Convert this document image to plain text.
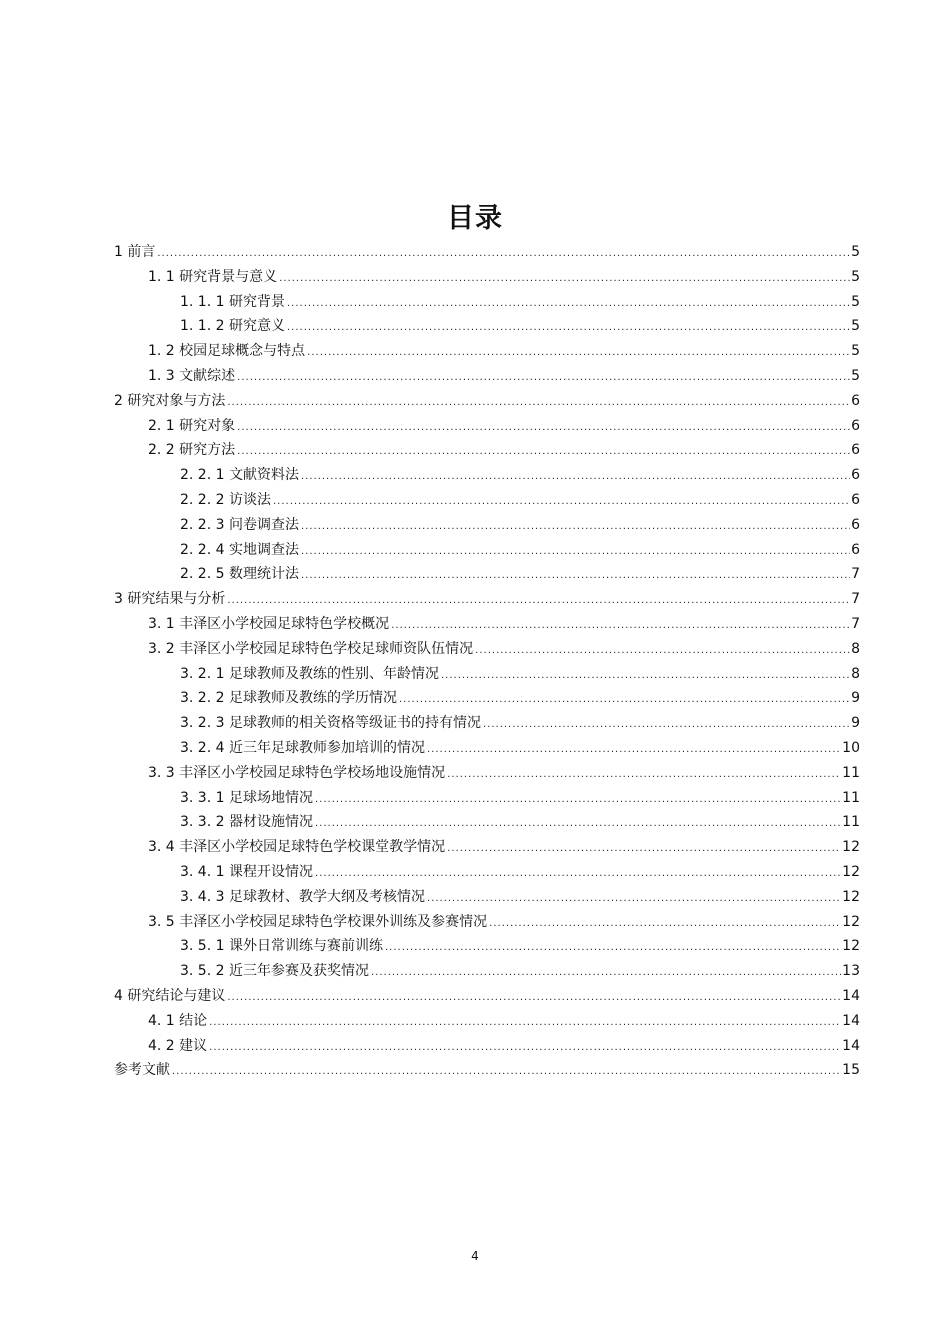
目录
1 前言 .....	5
1. 1 研究背景与意义 .....	5
1. 1. 1 研究背景 .....	5
1. 1. 2 研究意义 .....	5
1. 2 校园足球概念与特点 .....	5
1. 3 文献综述 .....	5
2 研究对象与方法 .....	6
2. 1 研究对象 .....	6
2. 2 研究方法 .....	6
2. 2. 1 文献资料法 .....	6
2. 2. 2 访谈法 .....	6
2. 2. 3 问卷调查法 .....	6
2. 2. 4 实地调查法 .....	6
2. 2. 5 数理统计法 .....	7
3 研究结果与分析 .....	7
3. 1 丰泽区小学校园足球特色学校概况 .....	7
3. 2 丰泽区小学校园足球特色学校足球师资队伍情况 .....	8
3. 2. 1 足球教师及教练的性别、年龄情况 .....	8
3. 2. 2 足球教师及教练的学历情况 .....	9
3. 2. 3 足球教师的相关资格等级证书的持有情况 .....	9
3. 2. 4 近三年足球教师参加培训的情况 .....	10
3. 3 丰泽区小学校园足球特色学校场地设施情况 .....	11
3. 3. 1 足球场地情况 .....	11
3. 3. 2 器材设施情况 .....	11
3. 4 丰泽区小学校园足球特色学校课堂教学情况 .....	12
3. 4. 1 课程开设情况 .....	12
3. 4. 3 足球教材、教学大纲及考核情况 .....	12
3. 5 丰泽区小学校园足球特色学校课外训练及参赛情况 .....	12
3. 5. 1 课外日常训练与赛前训练 .....	12
3. 5. 2 近三年参赛及获奖情况 .....	13
4 研究结论与建议 .....	14
4. 1 结论 .....	14
4. 2 建议 .....	14
参考文献 .....	15
4
